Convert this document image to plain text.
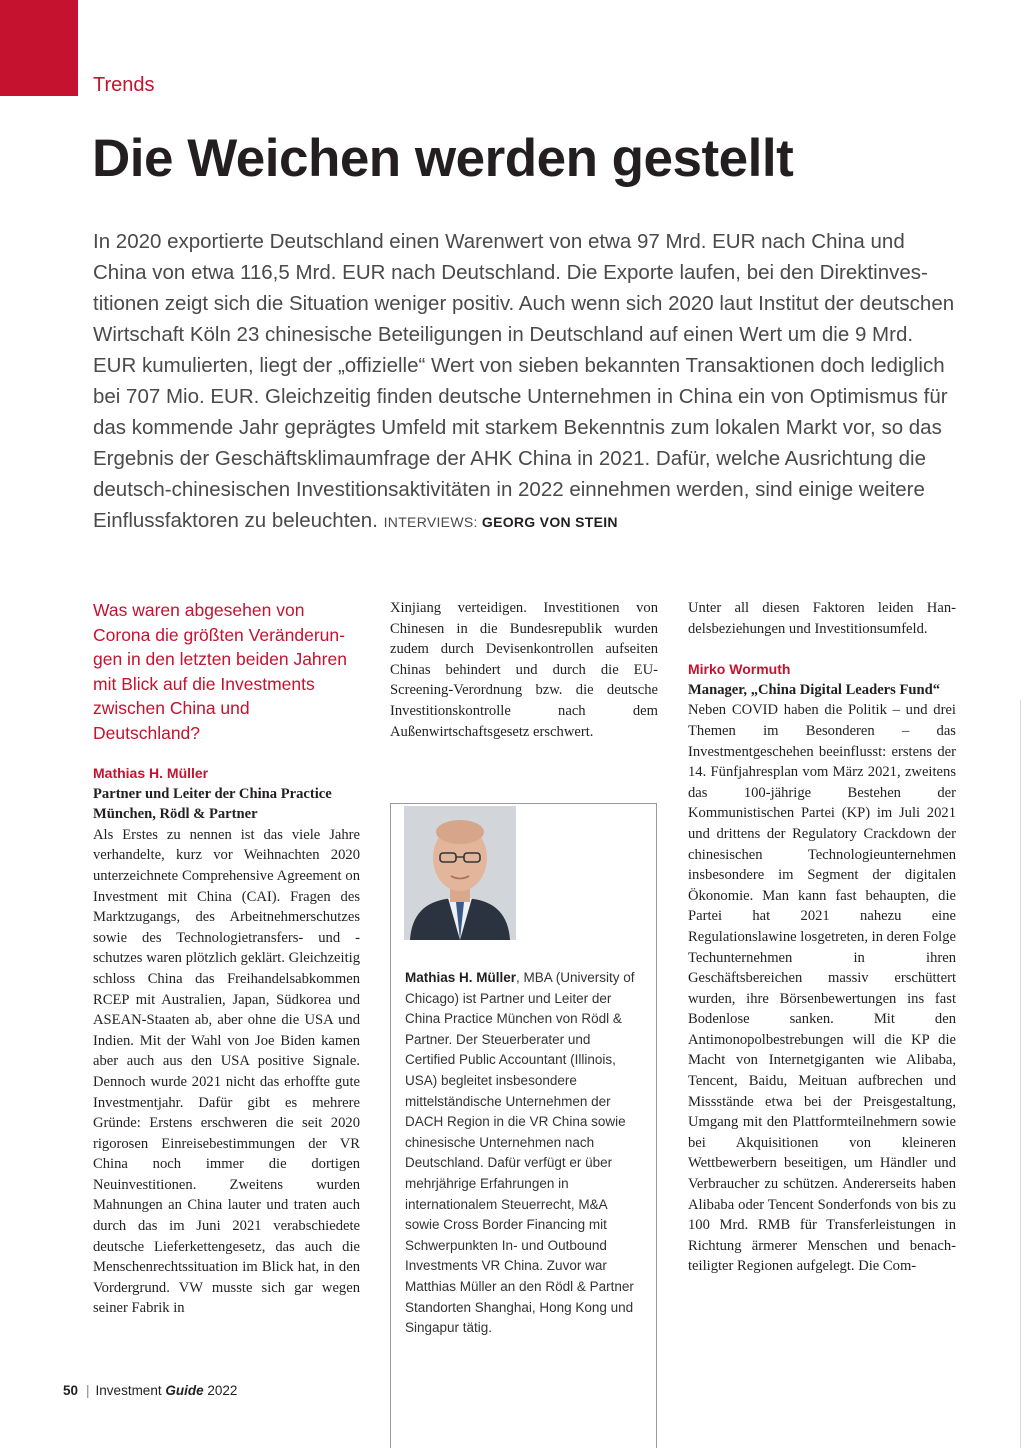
Trends
Die Weichen werden gestellt

In 2020 exportierte Deutschland einen Warenwert von etwa 97 Mrd. EUR nach China und China von etwa 116,5 Mrd. EUR nach Deutschland. Die Exporte laufen, bei den Direktinvestitionen zeigt sich die Situation weniger positiv. Auch wenn sich 2020 laut Institut der deutschen Wirtschaft Köln 23 chinesische Beteiligungen in Deutschland auf einen Wert um die 9 Mrd. EUR kumulierten, liegt der „offizielle“ Wert von sieben bekannten Transaktionen doch lediglich bei 707 Mio. EUR. Gleichzeitig finden deutsche Unternehmen in China ein von Optimismus für das kommende Jahr geprägtes Umfeld mit starkem Bekenntnis zum lokalen Markt vor, so das Ergebnis der Geschäftsklimaumfrage der AHK China in 2021. Dafür, welche Ausrichtung die deutsch-chinesischen Investitionsaktivitäten in 2022 einnehmen werden, sind einige weitere Einflussfaktoren zu beleuchten. INTERVIEWS: GEORG VON STEIN

Was waren abgesehen von Corona die größten Veränderungen in den letzten beiden Jahren mit Blick auf die Investments zwischen China und Deutschland?

Mathias H. Müller

Partner und Leiter der China Practice München, Rödl & Partner

Als Erstes zu nennen ist das viele Jahre verhandelte, kurz vor Weihnachten 2020 unterzeichnete Comprehensive Agreement on Investment mit China (CAI). Fragen des Marktzugangs, des Arbeitnehmerschutzes sowie des Technologietransfers- und -schutzes waren plötzlich geklärt. Gleichzeitig schloss China das Freihandelsabkommen RCEP mit Australien, Japan, Südkorea und ASEAN-Staaten ab, aber ohne die USA und Indien. Mit der Wahl von Joe Biden kamen aber auch aus den USA positive Signale. Dennoch wurde 2021 nicht das erhoffte gute Investmentjahr. Dafür gibt es mehrere Gründe: Erstens erschweren die seit 2020 rigorosen Einreisebestimmungen der VR China noch immer die dortigen Neuinvestitionen. Zweitens wurden Mahnungen an China lauter und traten auch durch das im Juni 2021 verabschiedete deutsche Lieferkettengesetz, das auch die Menschenrechtssituation im Blick hat, in den Vordergrund. VW musste sich gar wegen seiner Fabrik in

Xinjiang verteidigen. Investitionen von Chinesen in die Bundesrepublik wurden zudem durch Devisenkontrollen aufseiten Chinas behindert und durch die EU-Screening-Verordnung bzw. die deutsche Investitionskontrolle nach dem Außenwirtschaftsgesetz erschwert.

Mathias H. Müller, MBA (University of Chicago) ist Partner und Leiter der China Practice München von Rödl & Partner. Der Steuerberater und Certified Public Accountant (Illinois, USA) begleitet insbesondere mittelständische Unternehmen der DACH Region in die VR China sowie chinesische Unternehmen nach Deutschland. Dafür verfügt er über mehrjährige Erfahrungen in internationalem Steuerrecht, M&A sowie Cross Border Financing mit Schwerpunkten In- und Outbound Investments VR China. Zuvor war Matthias Müller an den Rödl & Partner Standorten Shanghai, Hong Kong und Singapur tätig.

Unter all diesen Faktoren leiden Handelsbeziehungen und Investitionsumfeld.

Mirko Wormuth

Manager, „China Digital Leaders Fund“

Neben COVID haben die Politik – und drei Themen im Besonderen – das Investmentgeschehen beeinflusst: erstens der 14. Fünfjahresplan vom März 2021, zweitens das 100-jährige Bestehen der Kommunistischen Partei (KP) im Juli 2021 und drittens der Regulatory Crackdown der chinesischen Technologieunternehmen insbesondere im Segment der digitalen Ökonomie. Man kann fast behaupten, die Partei hat 2021 nahezu eine Regulationslawine losgetreten, in deren Folge Techunternehmen in ihren Geschäftsbereichen massiv erschüttert wurden, ihre Börsenbewertungen ins fast Bodenlose sanken. Mit den Antimonopolbestrebungen will die KP die Macht von Internetgiganten wie Alibaba, Tencent, Baidu, Meituan aufbrechen und Missstände etwa bei der Preisgestaltung, Umgang mit den Plattformteilnehmern sowie bei Akquisitionen von kleineren Wettbewerbern beseitigen, um Händler und Verbraucher zu schützen. Andererseits haben Alibaba oder Tencent Sonderfonds von bis zu 100 Mrd. RMB für Transferleistungen in Richtung ärmerer Menschen und benachteiligter Regionen aufgelegt. Die Com-

50 | Investment Guide 2022
